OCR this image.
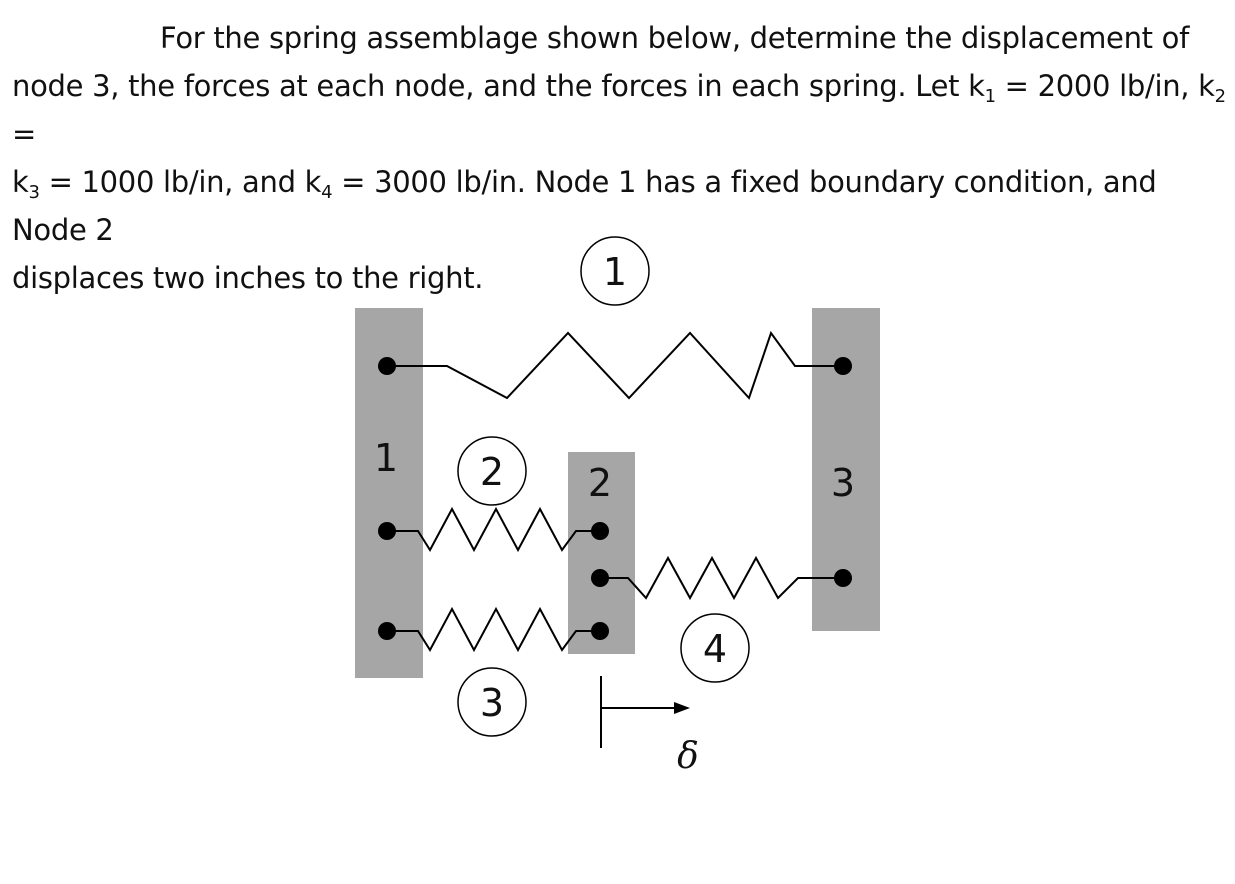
For the spring assemblage shown below, determine the displacement of
node 3, the forces at each node, and the forces in each spring. Let $k_1 = 2000$ lb/in, $k_2$ =
$k_3 = 1000$ lb/in, and $k_4 = 3000$ lb/in. Node 1 has a fixed boundary condition, and Node 2
displaces two inches to the right.

1
2	3
1
2
3
4
δ
